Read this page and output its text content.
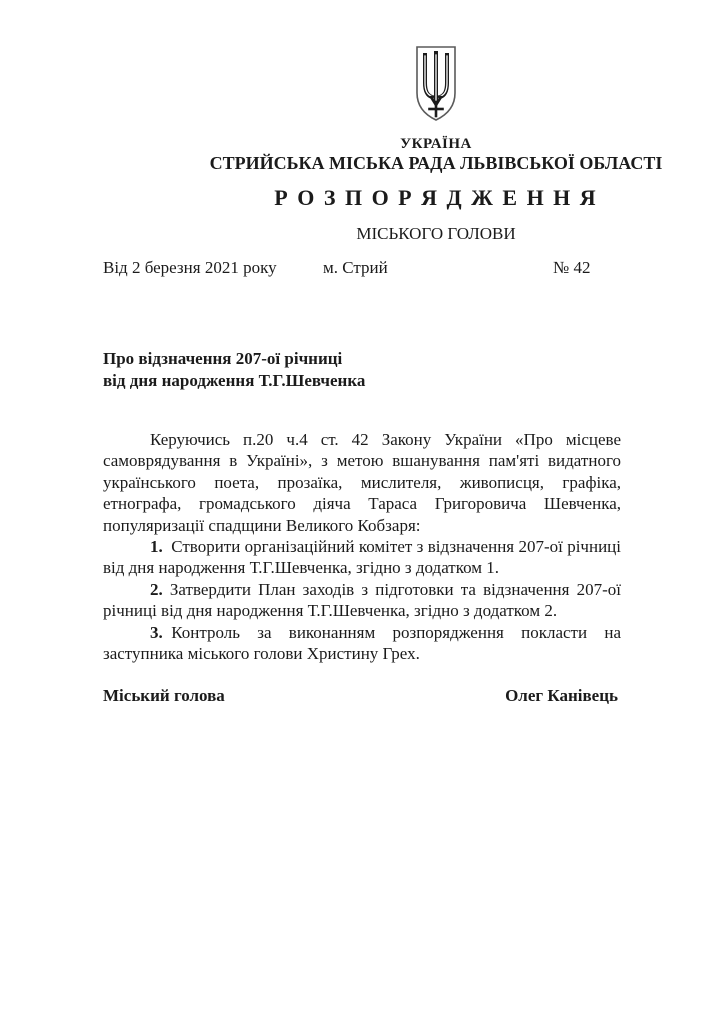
УКРАЇНА
СТРИЙСЬКА МІСЬКА РАДА ЛЬВІВСЬКОЇ ОБЛАСТІ
Р О З П О Р Я Д Ж Е Н Н Я
МІСЬКОГО ГОЛОВИ
Від 2 березня 2021 року	м. Стрий	№ 42
Про відзначення 207-ої річниці
від дня народження Т.Г.Шевченка

Керуючись п.20 ч.4 ст. 42 Закону України «Про місцеве самоврядування в Україні», з метою вшанування пам'яті видатного українського поета, прозаїка, мислителя, живописця, графіка, етнографа, громадського діяча Тараса Григоровича Шевченка, популяризації спадщини Великого Кобзаря:

1.  Створити організаційний комітет з відзначення 207-ої річниці від дня народження Т.Г.Шевченка, згідно з додатком 1.

2. Затвердити План заходів з підготовки та відзначення 207-ої річниці від дня народження Т.Г.Шевченка, згідно з додатком 2.

3.  Контроль за виконанням розпорядження покласти на заступника міського голови Христину Грех.

Міський голова	Олег Канівець
